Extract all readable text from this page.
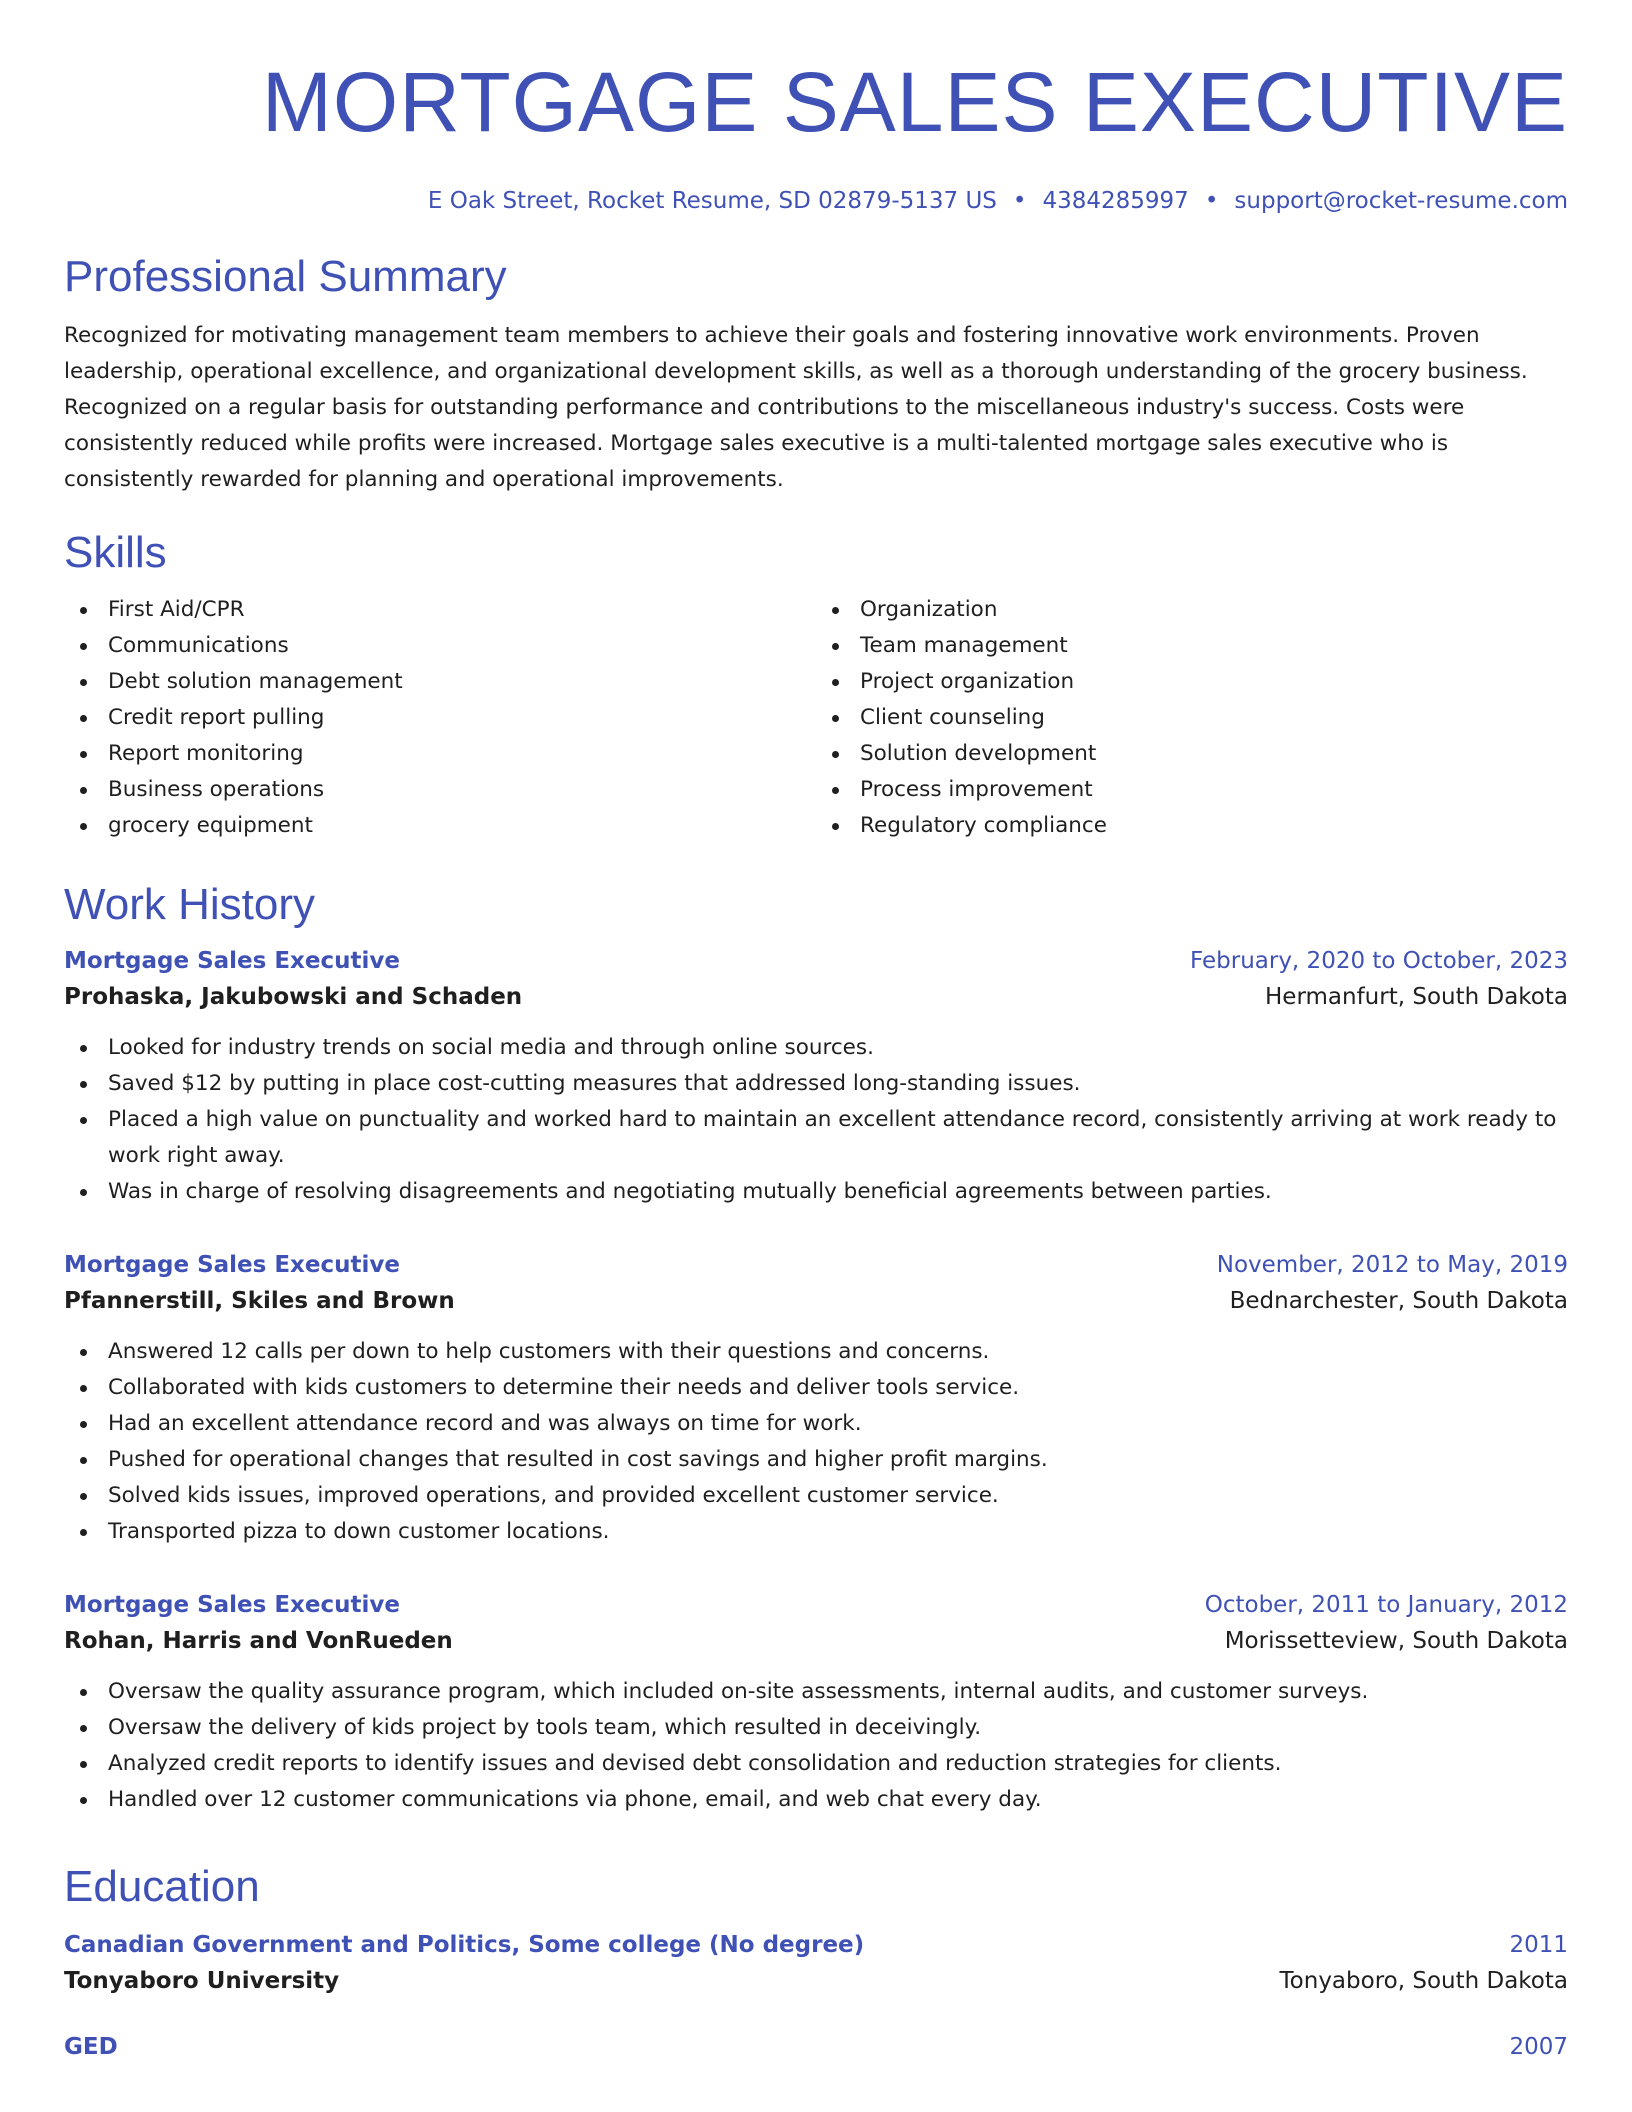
MORTGAGE SALES EXECUTIVE
E Oak Street, Rocket Resume, SD 02879-5137 US • 4384285997 • support@rocket-resume.com
Professional Summary

Recognized for motivating management team members to achieve their goals and fostering innovative work environments. Proven leadership, operational excellence, and organizational development skills, as well as a thorough understanding of the grocery business. Recognized on a regular basis for outstanding performance and contributions to the miscellaneous industry's success. Costs were consistently reduced while profits were increased. Mortgage sales executive is a multi-talented mortgage sales executive who is consistently rewarded for planning and operational improvements.

Skills
First Aid/CPR
Communications
Debt solution management
Credit report pulling
Report monitoring
Business operations
grocery equipment
Organization
Team management
Project organization
Client counseling
Solution development
Process improvement
Regulatory compliance
Work History
Mortgage Sales Executive	February, 2020 to October, 2023
Prohaska, Jakubowski and Schaden	Hermanfurt, South Dakota
Looked for industry trends on social media and through online sources.
Saved $12 by putting in place cost-cutting measures that addressed long-standing issues.
Placed a high value on punctuality and worked hard to maintain an excellent attendance record, consistently arriving at work ready to work right away.
Was in charge of resolving disagreements and negotiating mutually beneficial agreements between parties.
Mortgage Sales Executive	November, 2012 to May, 2019
Pfannerstill, Skiles and Brown	Bednarchester, South Dakota
Answered 12 calls per down to help customers with their questions and concerns.
Collaborated with kids customers to determine their needs and deliver tools service.
Had an excellent attendance record and was always on time for work.
Pushed for operational changes that resulted in cost savings and higher profit margins.
Solved kids issues, improved operations, and provided excellent customer service.
Transported pizza to down customer locations.
Mortgage Sales Executive	October, 2011 to January, 2012
Rohan, Harris and VonRueden	Morissetteview, South Dakota
Oversaw the quality assurance program, which included on-site assessments, internal audits, and customer surveys.
Oversaw the delivery of kids project by tools team, which resulted in deceivingly.
Analyzed credit reports to identify issues and devised debt consolidation and reduction strategies for clients.
Handled over 12 customer communications via phone, email, and web chat every day.
Education
Canadian Government and Politics, Some college (No degree)	2011
Tonyaboro University	Tonyaboro, South Dakota
GED	2007
